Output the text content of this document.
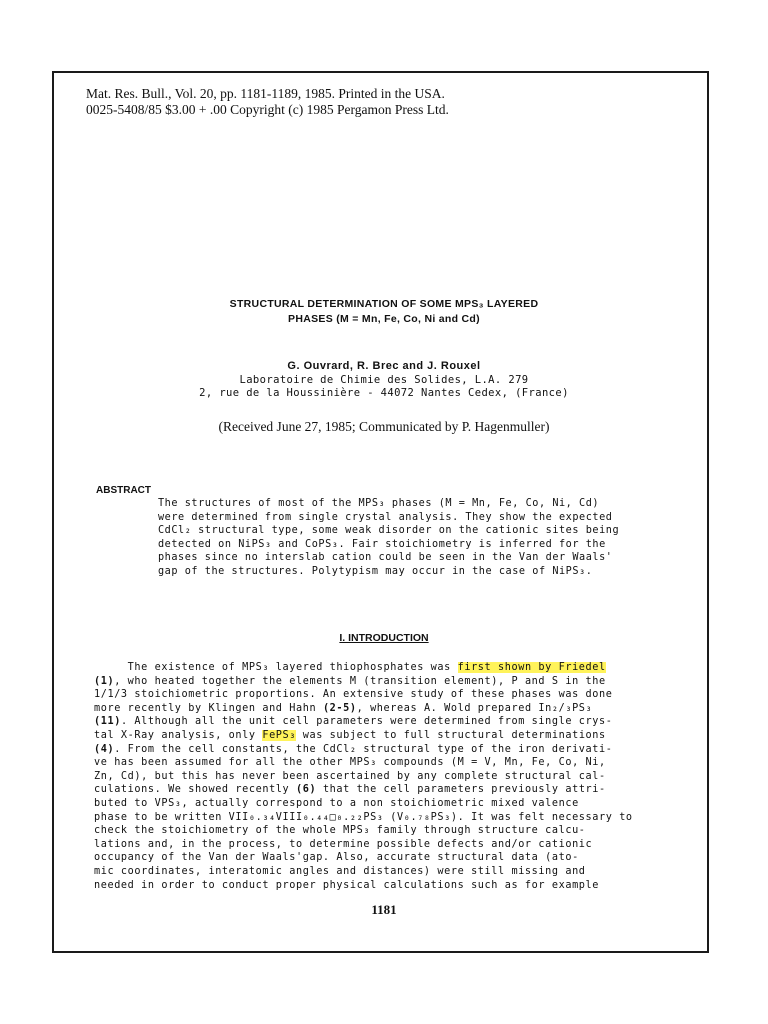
Mat. Res. Bull., Vol. 20, pp. 1181-1189, 1985. Printed in the USA.
0025-5408/85 $3.00 + .00 Copyright (c) 1985 Pergamon Press Ltd.
STRUCTURAL DETERMINATION OF SOME MPS₃ LAYERED
PHASES (M = Mn, Fe, Co, Ni and Cd)
G. Ouvrard, R. Brec and J. Rouxel
Laboratoire de Chimie des Solides, L.A. 279
2, rue de la Houssinière - 44072 Nantes Cedex, (France)
(Received June 27, 1985; Communicated by P. Hagenmuller)
ABSTRACT
The structures of most of the MPS₃ phases (M = Mn, Fe, Co, Ni, Cd)
were determined from single crystal analysis. They show the expected
CdCl₂ structural type, some weak disorder on the cationic sites being
detected on NiPS₃ and CoPS₃. Fair stoichiometry is inferred for the
phases since no interslab cation could be seen in the Van der Waals'
gap of the structures. Polytypism may occur in the case of NiPS₃.
I. INTRODUCTION
The existence of MPS₃ layered thiophosphates was first shown by Friedel
(1), who heated together the elements M (transition element), P and S in the
1/1/3 stoichiometric proportions. An extensive study of these phases was done
more recently by Klingen and Hahn (2-5), whereas A. Wold prepared In₂/₃PS₃
(11). Although all the unit cell parameters were determined from single crys-
tal X-Ray analysis, only FePS₃ was subject to full structural determinations
(4). From the cell constants, the CdCl₂ structural type of the iron derivati-
ve has been assumed for all the other MPS₃ compounds (M = V, Mn, Fe, Co, Ni,
Zn, Cd), but this has never been ascertained by any complete structural cal-
culations. We showed recently (6) that the cell parameters previously attri-
buted to VPS₃, actually correspond to a non stoichiometric mixed valence
phase to be written VII₀.₃₄VIII₀.₄₄□₀.₂₂PS₃ (V₀.₇₈PS₃). It was felt necessary to
check the stoichiometry of the whole MPS₃ family through structure calcu-
lations and, in the process, to determine possible defects and/or cationic
occupancy of the Van der Waals'gap. Also, accurate structural data (ato-
mic coordinates, interatomic angles and distances) were still missing and
needed in order to conduct proper physical calculations such as for example
1181
